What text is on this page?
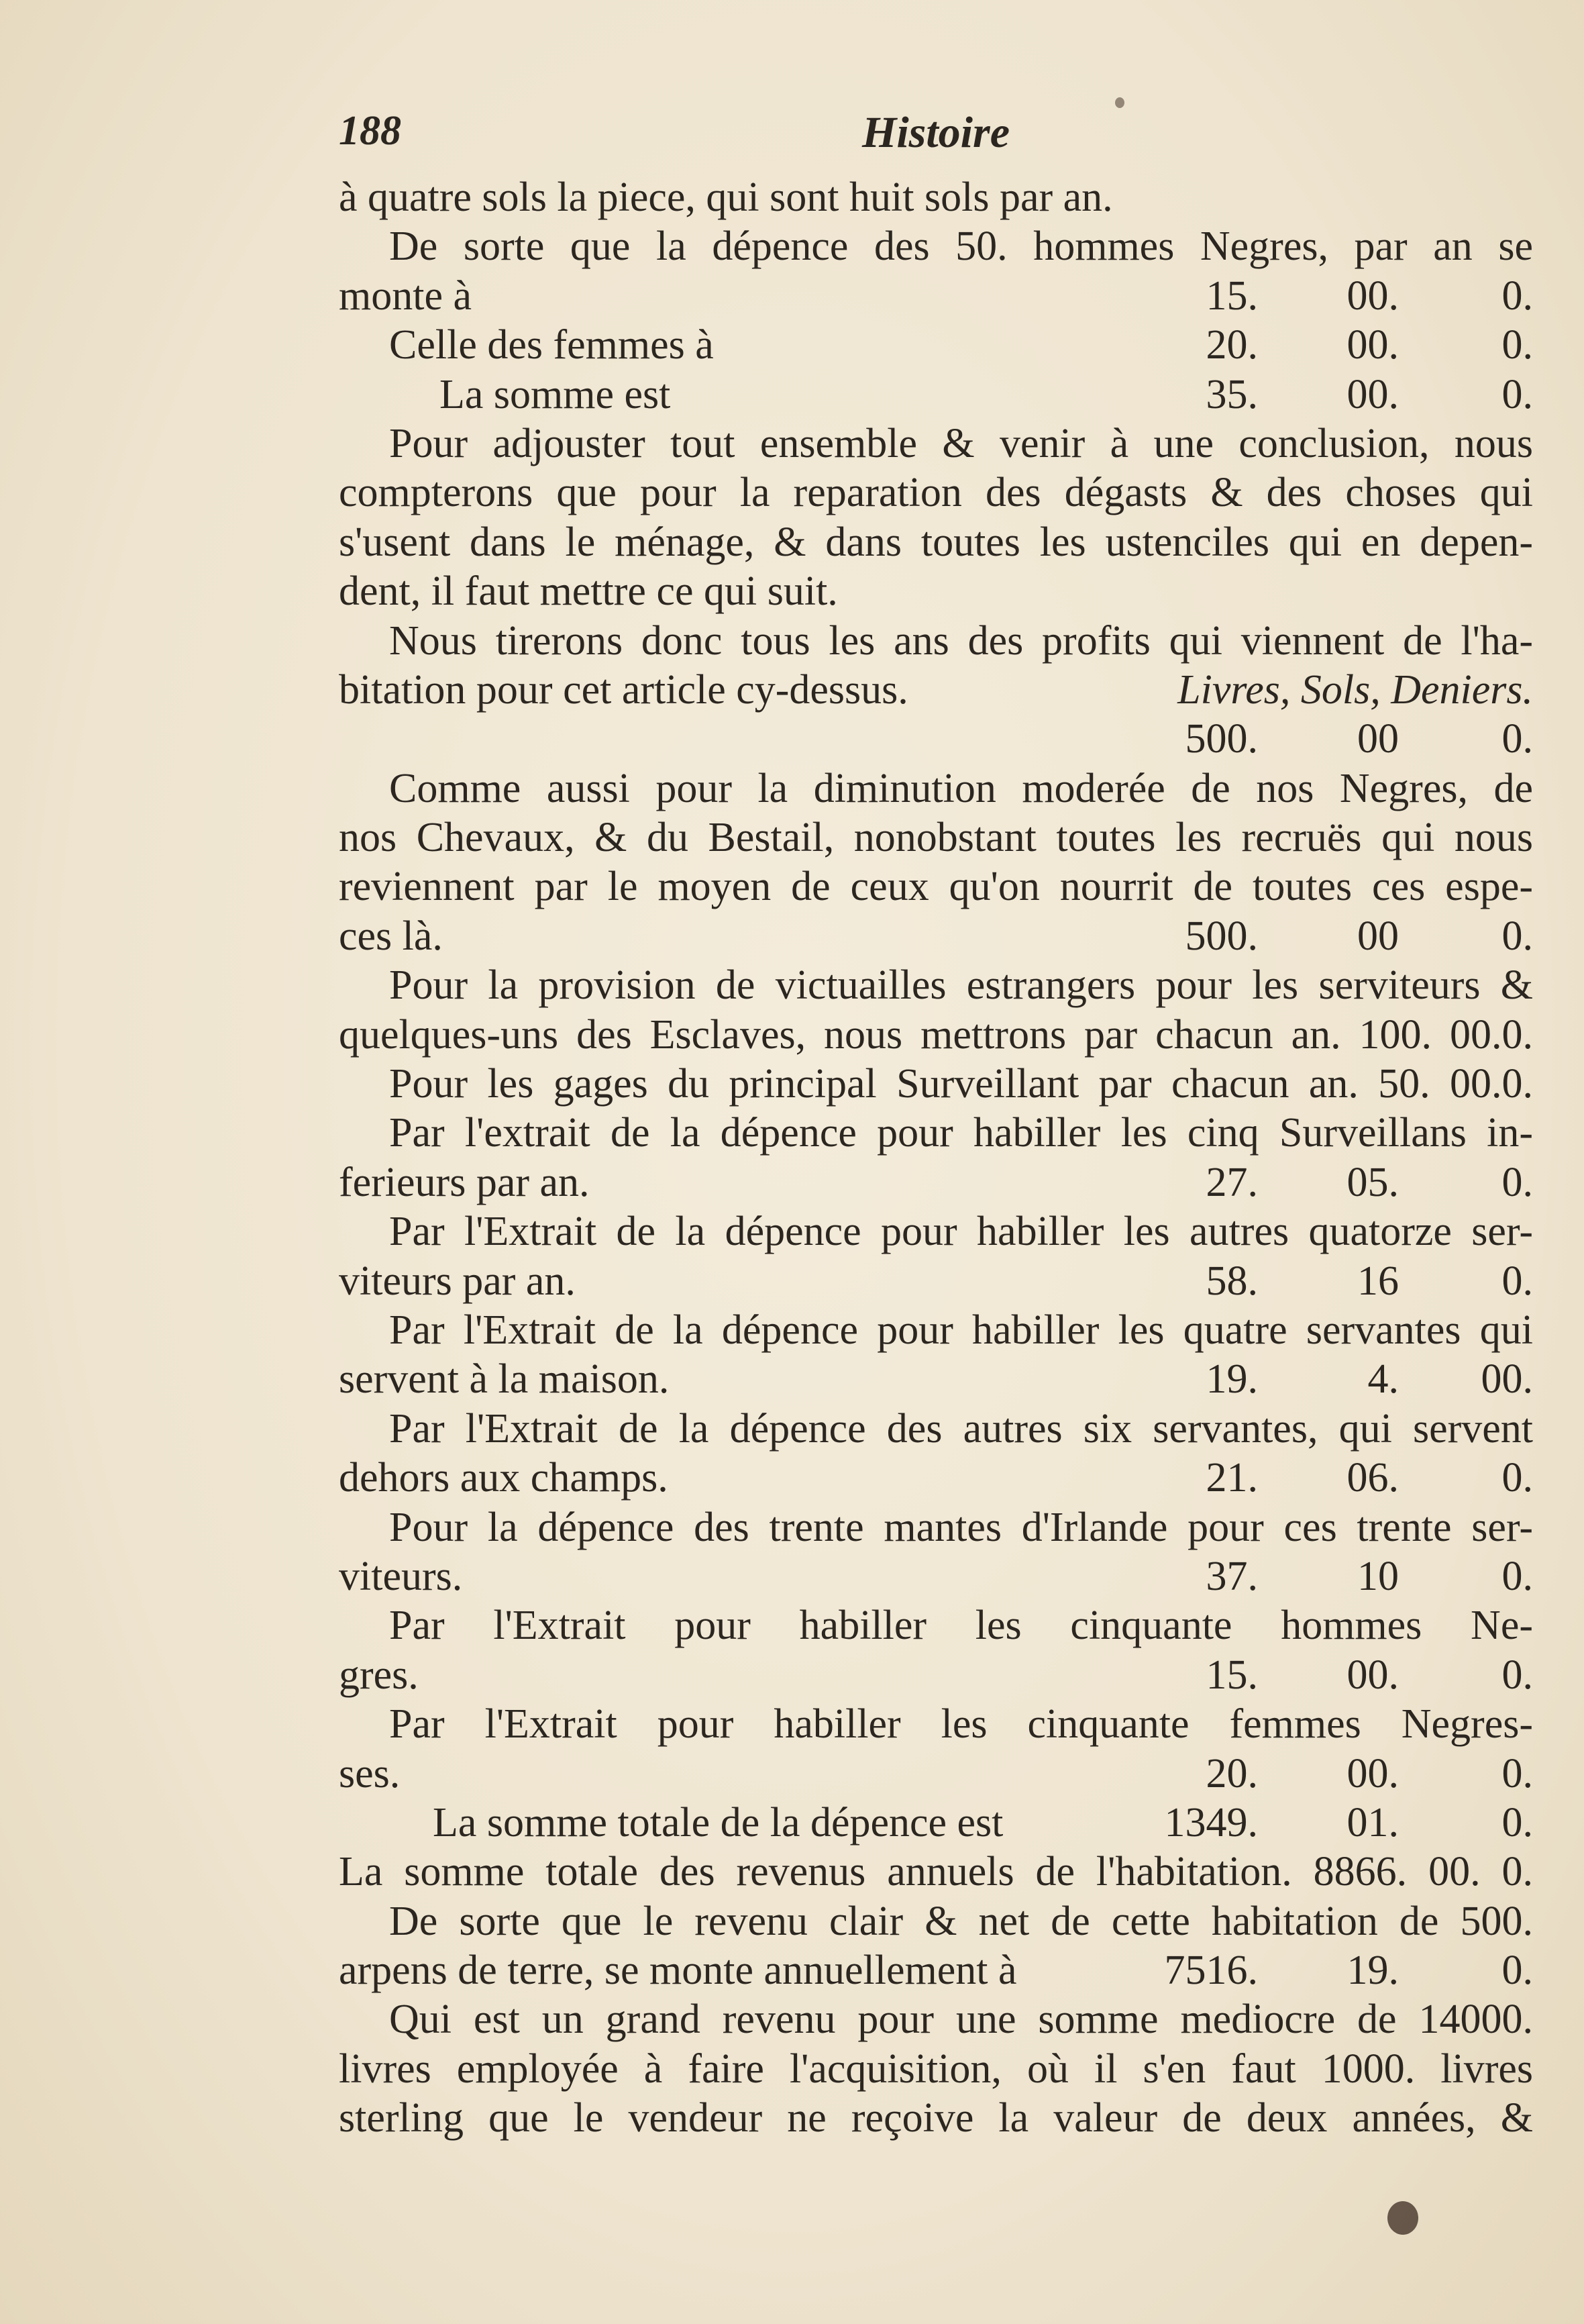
188	Histoire
à quatre sols la piece, qui sont huit sols par an.
De sorte que la dépence des 50. hommes Negres, par an se
monte à	15. 00. 0.
Celle des femmes à	20. 00. 0.
La somme est	35. 00. 0.
Pour adjouster tout ensemble & venir à une conclusion, nous
compterons que pour la reparation des dégasts & des choses qui
s'usent dans le ménage, & dans toutes les ustenciles qui en depen-
dent, il faut mettre ce qui suit.
Nous tirerons donc tous les ans des profits qui viennent de l'ha-
bitation pour cet article cy-dessus.	Livres, Sols, Deniers.
500. 00 0.
Comme aussi pour la diminution moderée de nos Negres, de
nos Chevaux, & du Bestail, nonobstant toutes les recruës qui nous
reviennent par le moyen de ceux qu'on nourrit de toutes ces espe-
ces là.	500. 00 0.
Pour la provision de victuailles estrangers pour les serviteurs &
quelques-uns des Esclaves, nous mettrons par chacun an. 100. 00.0.
Pour les gages du principal Surveillant par chacun an. 50. 00.0.
Par l'extrait de la dépence pour habiller les cinq Surveillans in-
ferieurs par an.	27. 05. 0.
Par l'Extrait de la dépence pour habiller les autres quatorze ser-
viteurs par an.	58. 16 0.
Par l'Extrait de la dépence pour habiller les quatre servantes qui
servent à la maison.	19.	4. 00.
Par l'Extrait de la dépence des autres six servantes, qui servent
dehors aux champs.	21. 06. 0.
Pour la dépence des trente mantes d'Irlande pour ces trente ser-
viteurs.	37. 10 0.
Par l'Extrait pour habiller les cinquante hommes Ne-
gres.	15. 00. 0.
Par l'Extrait pour habiller les cinquante femmes Negres-
ses.	20. 00. 0.
La somme totale de la dépence est	1349. 01. 0.
La somme totale des revenus annuels de l'habitation. 8866. 00. 0.
De sorte que le revenu clair & net de cette habitation de 500.
arpens de terre, se monte annuellement à	7516. 19. 0.
Qui est un grand revenu pour une somme mediocre de 14000.
livres employée à faire l'acquisition, où il s'en faut 1000. livres
sterling que le vendeur ne reçoive la valeur de deux années, &
